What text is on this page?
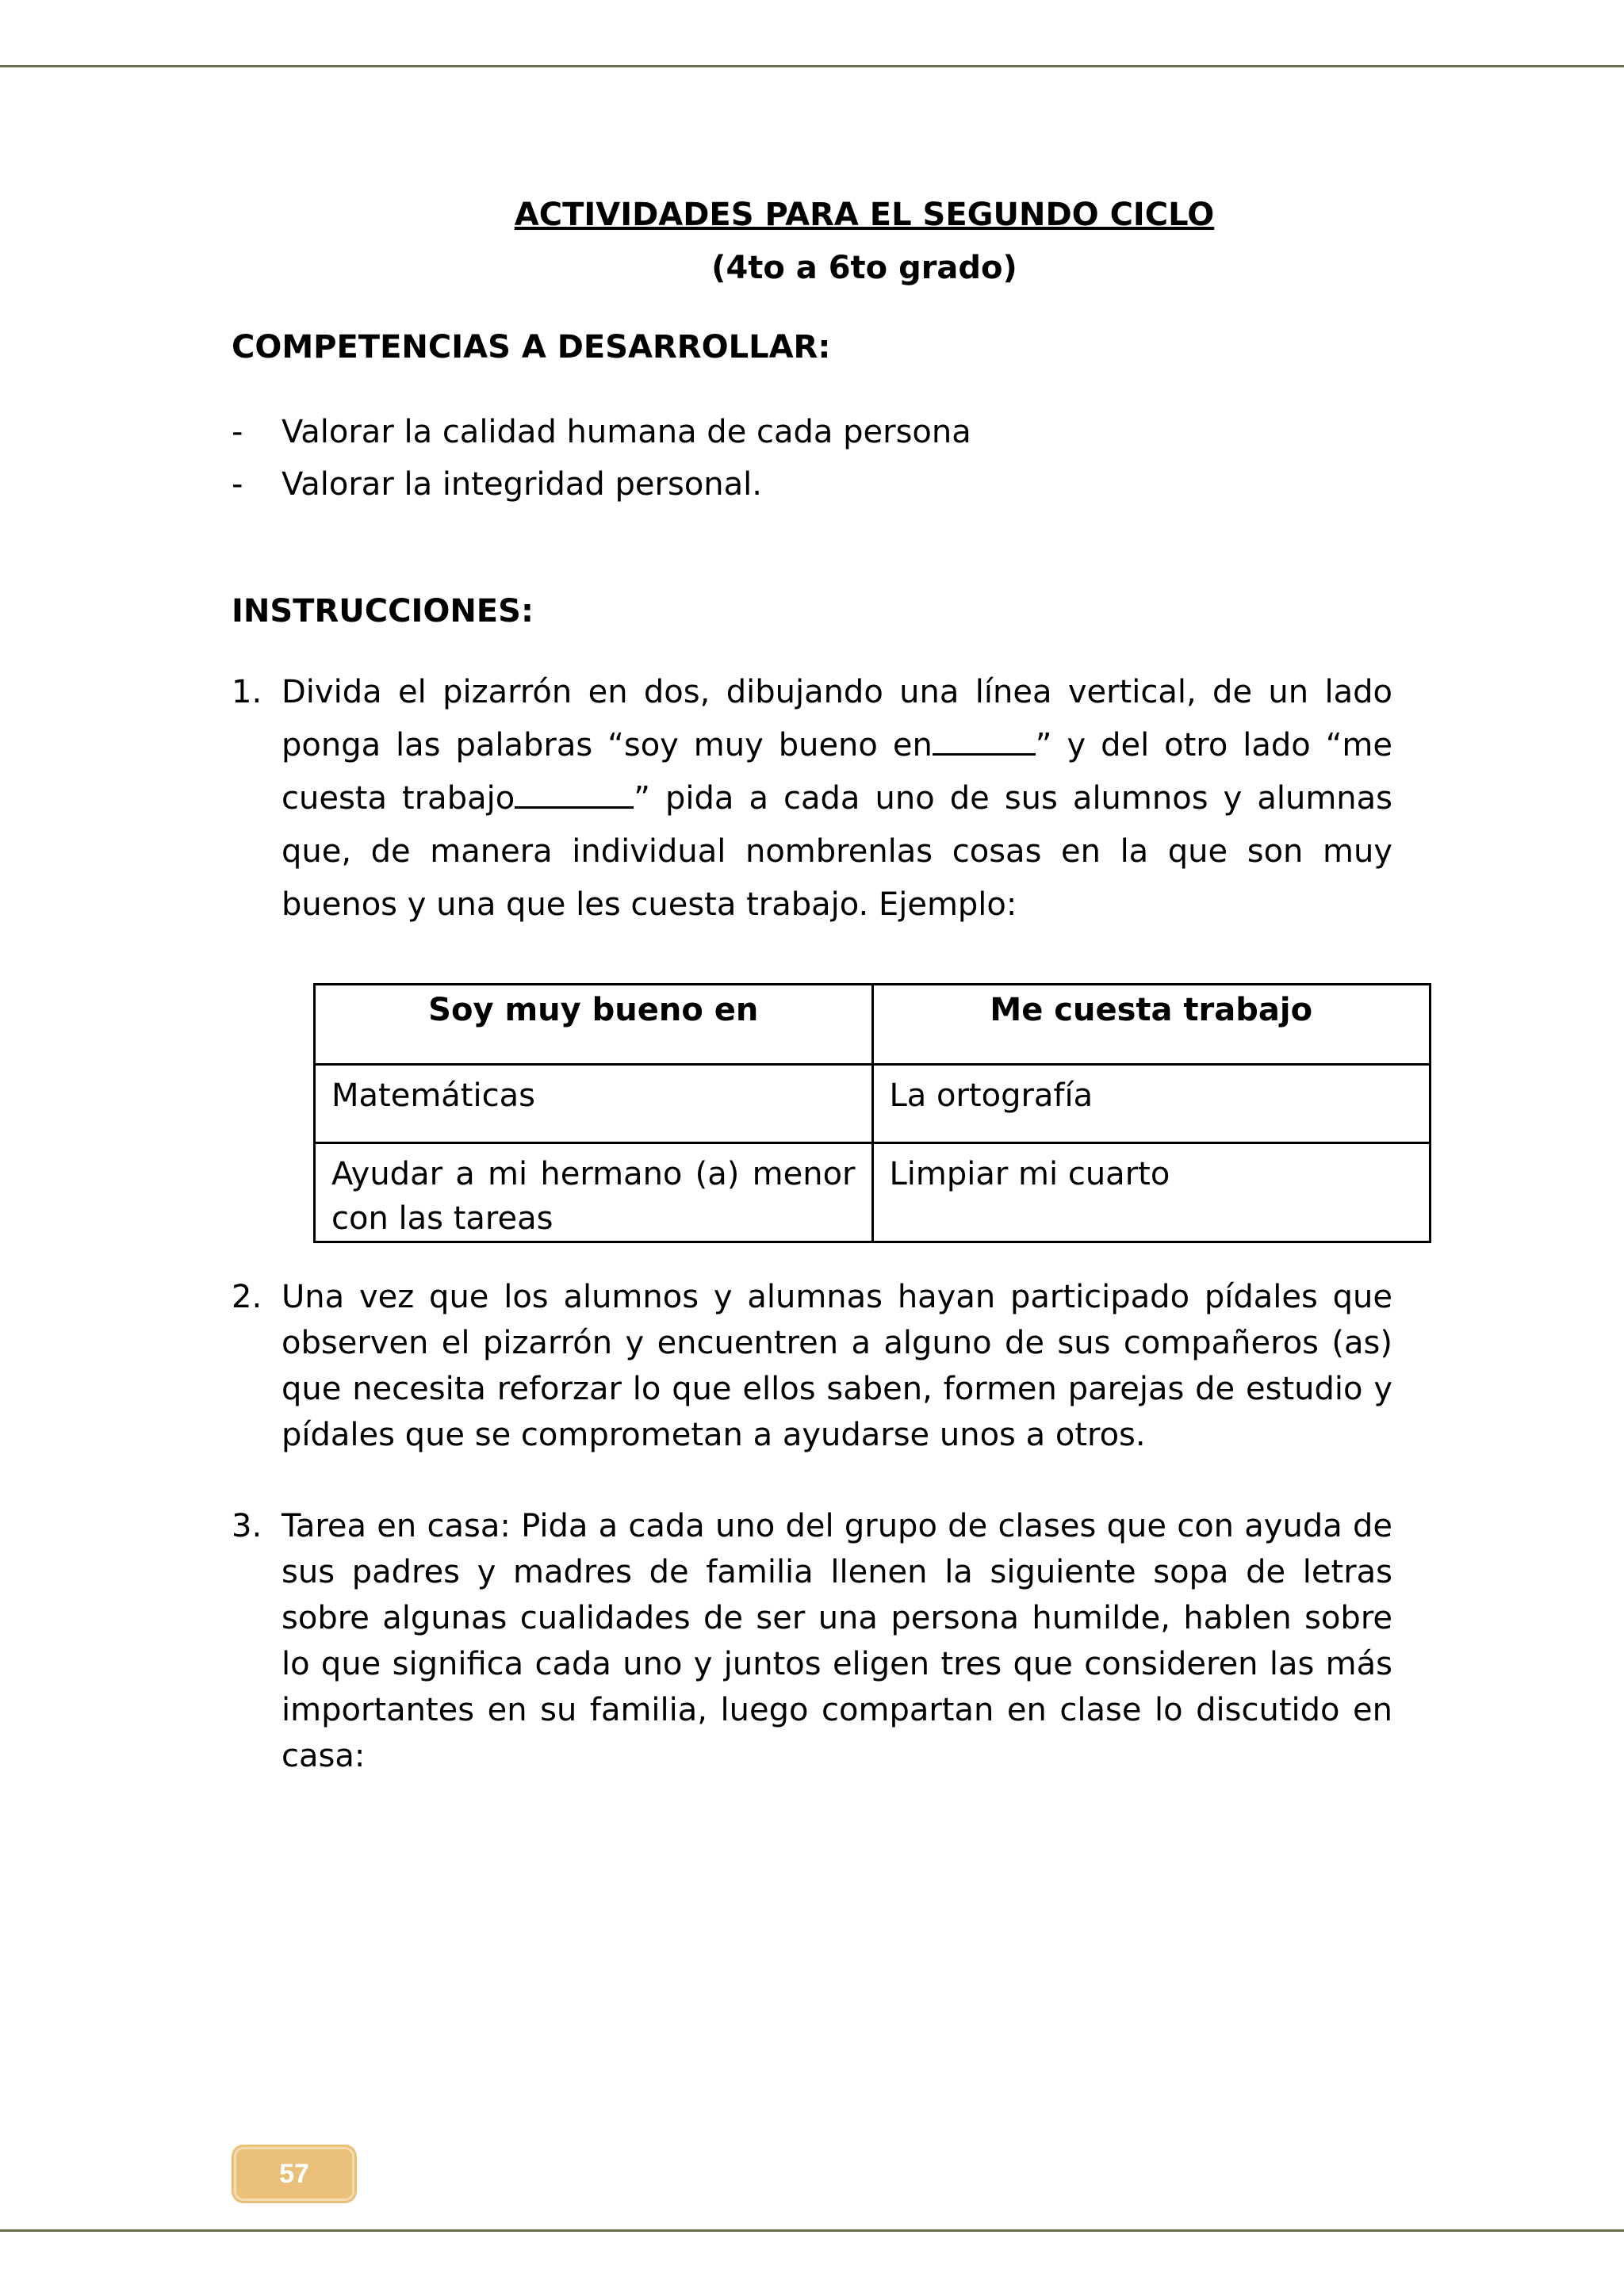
ACTIVIDADES PARA EL SEGUNDO CICLO
(4to a 6to grado)
COMPETENCIAS A DESARROLLAR:
-	Valorar la calidad humana de cada persona
-	Valorar la integridad personal.
INSTRUCCIONES:
1. Divida el pizarrón en dos, dibujando una línea vertical, de un lado ponga las palabras “soy muy bueno en	” y del otro lado “me cuesta trabajo	” pida a cada uno de sus alumnos y alumnas que, de manera individual nombrenlas cosas en la que son muy buenos y una que les cuesta trabajo. Ejemplo:
Soy muy bueno en	Me cuesta trabajo
Matemáticas	La ortografía
Ayudar a mi hermano (a) menor con las tareas	Limpiar mi cuarto
2. Una vez que los alumnos y alumnas hayan participado pídales que observen el pizarrón y encuentren a alguno de sus compañeros (as) que necesita reforzar lo que ellos saben, formen parejas de estudio y pídales que se comprometan a ayudarse unos a otros.
3. Tarea en casa: Pida a cada uno del grupo de clases que con ayuda de sus padres y madres de familia llenen la siguiente sopa de letras sobre algunas cualidades de ser una persona humilde, hablen sobre lo que significa cada uno y juntos eligen tres que consideren las más importantes en su familia, luego compartan en clase lo discutido en casa:
57
